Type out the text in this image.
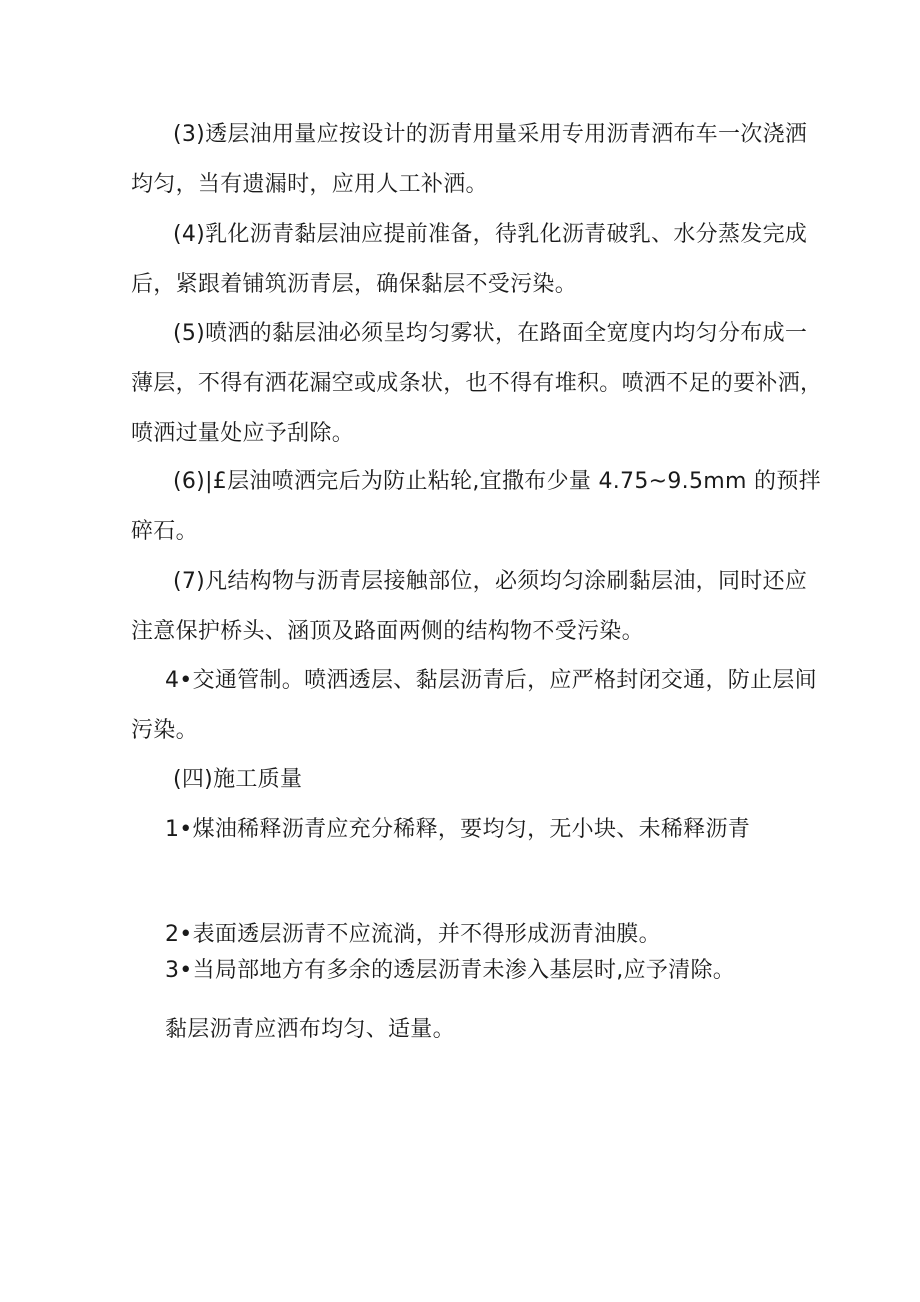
(3)透层油用量应按设计的沥青用量采用专用沥青洒布车一次浇洒
均匀，当有遗漏时，应用人工补洒。

(4)乳化沥青黏层油应提前准备，待乳化沥青破乳、水分蒸发完成
后，紧跟着铺筑沥青层，确保黏层不受污染。

(5)喷洒的黏层油必须呈均匀雾状，在路面全宽度内均匀分布成一
薄层，不得有洒花漏空或成条状，也不得有堆积。喷洒不足的要补洒，
喷洒过量处应予刮除。

(6)|£层油喷洒完后为防止粘轮,宜撒布少量 4.75~9.5mm 的预拌
碎石。

(7)凡结构物与沥青层接触部位，必须均匀涂刷黏层油，同时还应
注意保护桥头、涵顶及路面两侧的结构物不受污染。

4•交通管制。喷洒透层、黏层沥青后，应严格封闭交通，防止层间
污染。

(四)施工质量

1•煤油稀释沥青应充分稀释，要均匀，无小块、未稀释沥青

2•表面透层沥青不应流淌，并不得形成沥青油膜。

3•当局部地方有多余的透层沥青未渗入基层时,应予清除。

黏层沥青应洒布均匀、适量。
